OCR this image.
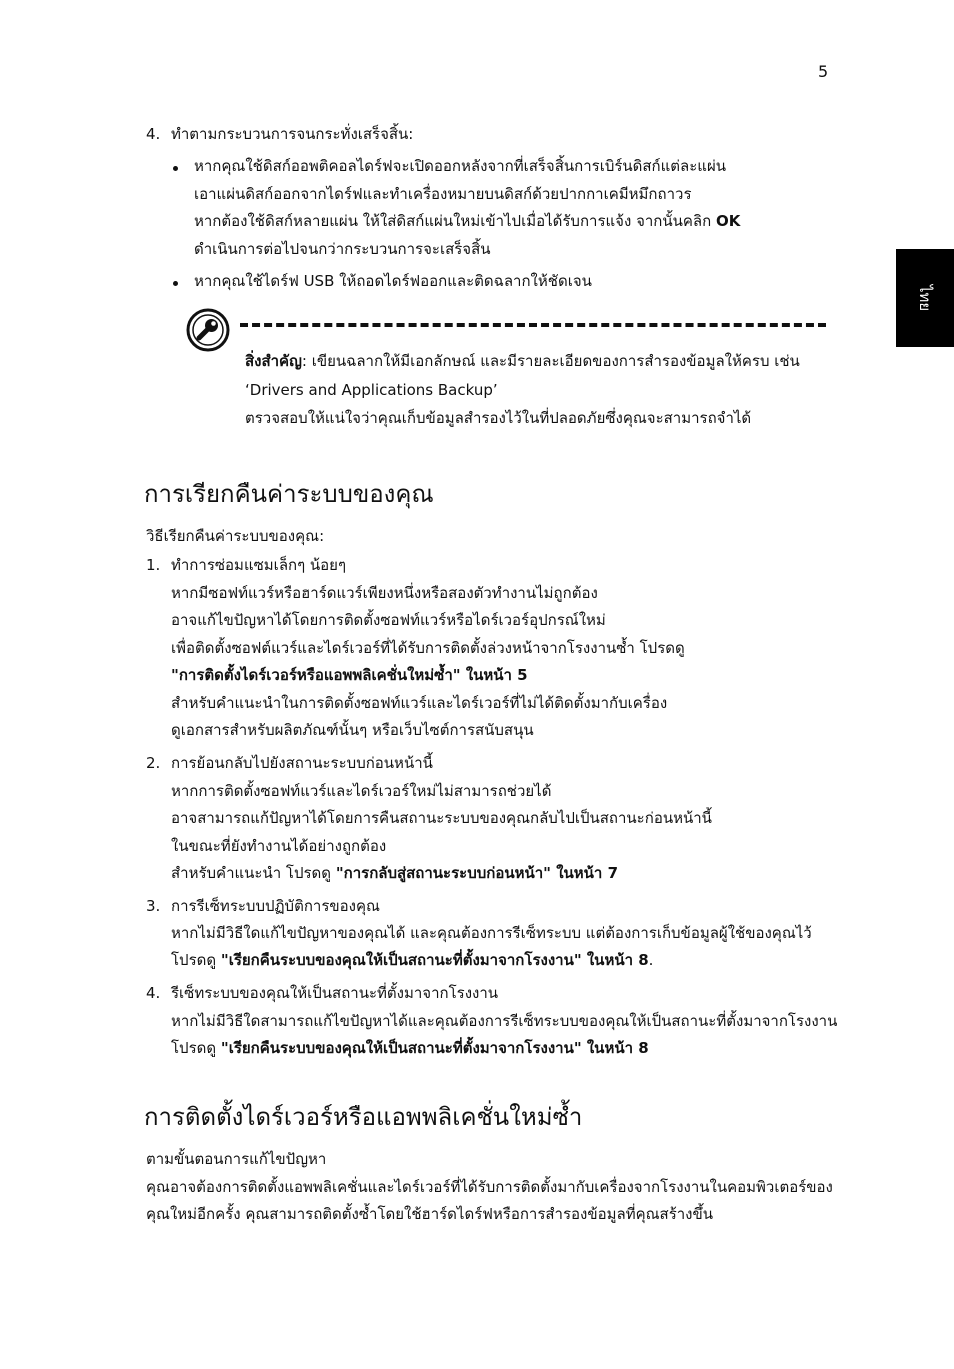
5
ไทย
4. ทำตามกระบวนการจนกระทั่งเสร็จสิ้น:
หากคุณใช้ดิสก์ออพติคอลไดร์ฟจะเปิดออกหลังจากที่เสร็จสิ้นการเบิร์นดิสก์แต่ละแผ่น
เอาแผ่นดิสก์ออกจากไดร์ฟและทำเครื่องหมายบนดิสก์ด้วยปากกาเคมีหมึกถาวร
หากต้องใช้ดิสก์หลายแผ่น ให้ใส่ดิสก์แผ่นใหม่เข้าไปเมื่อได้รับการแจ้ง จากนั้นคลิก OK
ดำเนินการต่อไปจนกว่ากระบวนการจะเสร็จสิ้น
หากคุณใช้ไดร์ฟ USB ให้ถอดไดร์ฟออกและติดฉลากให้ชัดเจน
สิ่งสำคัญ: เขียนฉลากให้มีเอกลักษณ์ และมีรายละเอียดของการสำรองข้อมูลให้ครบ เช่น
‘Drivers and Applications Backup’
ตรวจสอบให้แน่ใจว่าคุณเก็บข้อมูลสำรองไว้ในที่ปลอดภัยซึ่งคุณจะสามารถจำได้
การเรียกคืนค่าระบบของคุณ
วิธีเรียกคืนค่าระบบของคุณ:
1. ทำการซ่อมแซมเล็กๆ น้อยๆ
หากมีซอฟท์แวร์หรือฮาร์ดแวร์เพียงหนึ่งหรือสองตัวทำงานไม่ถูกต้อง
อาจแก้ไขปัญหาได้โดยการติดตั้งซอฟท์แวร์หรือไดร์เวอร์อุปกรณ์ใหม่
เพื่อติดตั้งซอฟต์แวร์และไดร์เวอร์ที่ได้รับการติดตั้งล่วงหน้าจากโรงงานซ้ำ โปรดดู
"การติดตั้งไดร์เวอร์หรือแอพพลิเคชั่นใหม่ซ้ำ" ในหน้า 5
สำหรับคำแนะนำในการติดตั้งซอฟท์แวร์และไดร์เวอร์ที่ไม่ได้ติดตั้งมากับเครื่อง
ดูเอกสารสำหรับผลิตภัณฑ์นั้นๆ หรือเว็บไซต์การสนับสนุน
2. การย้อนกลับไปยังสถานะระบบก่อนหน้านี้
หากการติดตั้งซอฟท์แวร์และไดร์เวอร์ใหม่ไม่สามารถช่วยได้
อาจสามารถแก้ปัญหาได้โดยการคืนสถานะระบบของคุณกลับไปเป็นสถานะก่อนหน้านี้
ในขณะที่ยังทำงานได้อย่างถูกต้อง
สำหรับคำแนะนำ โปรดดู "การกลับสู่สถานะระบบก่อนหน้า" ในหน้า 7
3. การรีเซ็ทระบบปฏิบัติการของคุณ
หากไม่มีวิธีใดแก้ไขปัญหาของคุณได้ และคุณต้องการรีเซ็ทระบบ แต่ต้องการเก็บข้อมูลผู้ใช้ของคุณไว้
โปรดดู "เรียกคืนระบบของคุณให้เป็นสถานะที่ตั้งมาจากโรงงาน" ในหน้า 8.
4. รีเซ็ทระบบของคุณให้เป็นสถานะที่ตั้งมาจากโรงงาน
หากไม่มีวิธีใดสามารถแก้ไขปัญหาได้และคุณต้องการรีเซ็ทระบบของคุณให้เป็นสถานะที่ตั้งมาจากโรงงาน
โปรดดู "เรียกคืนระบบของคุณให้เป็นสถานะที่ตั้งมาจากโรงงาน" ในหน้า 8
การติดตั้งไดร์เวอร์หรือแอพพลิเคชั่นใหม่ซ้ำ
ตามขั้นตอนการแก้ไขปัญหา
คุณอาจต้องการติดตั้งแอพพลิเคชั่นและไดร์เวอร์ที่ได้รับการติดตั้งมากับเครื่องจากโรงงานในคอมพิวเตอร์ของ
คุณใหม่อีกครั้ง คุณสามารถติดตั้งซ้ำโดยใช้ฮาร์ดไดร์ฟหรือการสำรองข้อมูลที่คุณสร้างขึ้น
